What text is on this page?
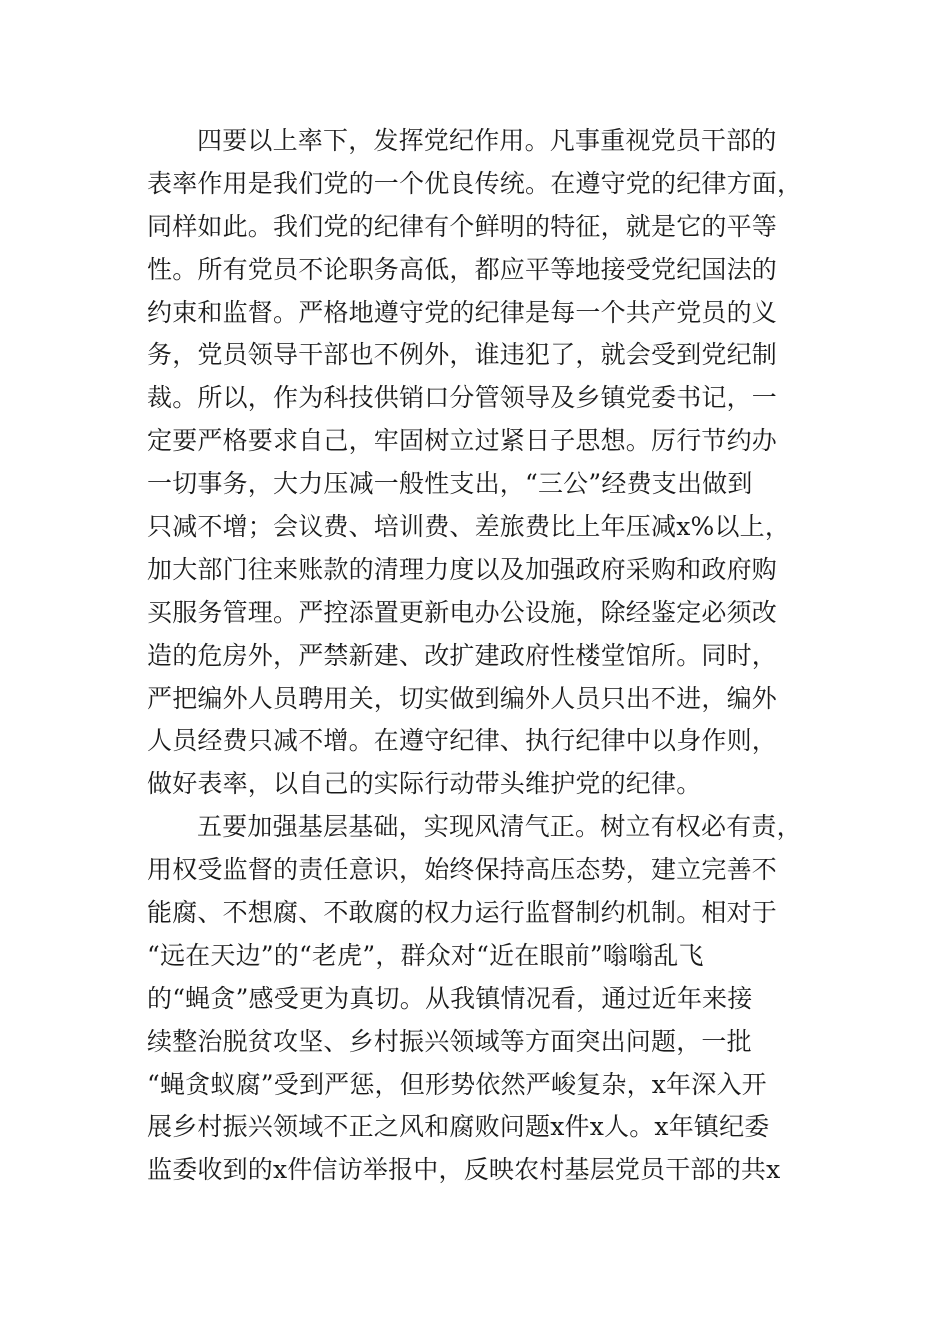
四要以上率下，发挥党纪作用。凡事重视党员干部的
表率作用是我们党的一个优良传统。在遵守党的纪律方面，
同样如此。我们党的纪律有个鲜明的特征，就是它的平等
性。所有党员不论职务高低，都应平等地接受党纪国法的
约束和监督。严格地遵守党的纪律是每一个共产党员的义
务，党员领导干部也不例外，谁违犯了，就会受到党纪制
裁。所以，作为科技供销口分管领导及乡镇党委书记，一
定要严格要求自己，牢固树立过紧日子思想。厉行节约办
一切事务，大力压减一般性支出，“三公”经费支出做到
只减不增；会议费、培训费、差旅费比上年压减x%以上，
加大部门往来账款的清理力度以及加强政府采购和政府购
买服务管理。严控添置更新电办公设施，除经鉴定必须改
造的危房外，严禁新建、改扩建政府性楼堂馆所。同时，
严把编外人员聘用关，切实做到编外人员只出不进，编外
人员经费只减不增。在遵守纪律、执行纪律中以身作则，
做好表率，以自己的实际行动带头维护党的纪律。
五要加强基层基础，实现风清气正。树立有权必有责，
用权受监督的责任意识，始终保持高压态势，建立完善不
能腐、不想腐、不敢腐的权力运行监督制约机制。相对于
“远在天边”的“老虎”，群众对“近在眼前”嗡嗡乱飞
的“蝇贪”感受更为真切。从我镇情况看，通过近年来接
续整治脱贫攻坚、乡村振兴领域等方面突出问题，一批
“蝇贪蚁腐”受到严惩，但形势依然严峻复杂，x年深入开
展乡村振兴领域不正之风和腐败问题x件x人。x年镇纪委
监委收到的x件信访举报中，反映农村基层党员干部的共x
